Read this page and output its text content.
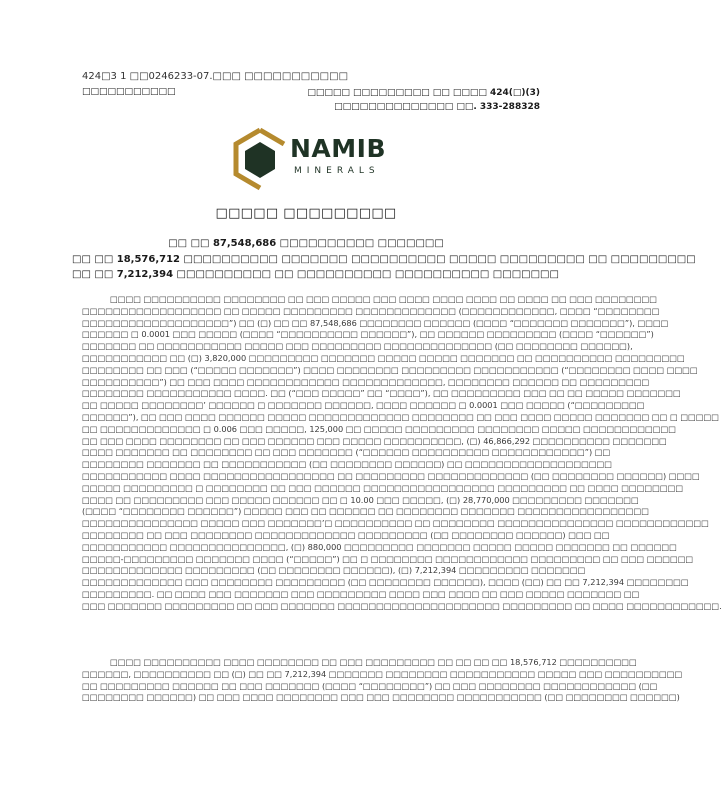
424□3 1 □□0246233-07.□□□ □□□□□□□□□□□
□□□□□□□□□□□	□□□□□ □□□□□□□□□ □□ □□□□ 424(□)(3)
□□□□□□□□□□□□□□ □□. 333-288328
NAMIB
MINERALS
□□□□□ □□□□□□□□□
□□ □□ 87,548,686 □□□□□□□□□□ □□□□□□□
□□ □□ 18,576,712 □□□□□□□□□□ □□□□□□□ □□□□□□□□□□ □□□□□ □□□□□□□□□ □□ □□□□□□□□□
□□ □□ 7,212,394 □□□□□□□□□□ □□ □□□□□□□□□□ □□□□□□□□□□ □□□□□□□
□□□□ □□□□□□□□□□ □□□□□□□□ □□ □□□ □□□□□ □□□ □□□□ □□□□ □□□□ □□ □□□□ □□ □□□ □□□□□□□□
□□□□□□□□□□□□□□□□□□ □□ □□□□□ □□□□□□□□□ □□□□□□□□□□□□□ (□□□□□□□□□□□□, □□□□ “□□□□□□□□
□□□□□□□□□□□□□□□□□□□”) □□ (□) □□ □□ 87,548,686 □□□□□□□□ □□□□□□ (□□□□ “□□□□□□□ □□□□□□□”), □□□□
□□□□□□ □ 0.0001 □□□ □□□□□ (□□□□ “□□□□□□□□□□ □□□□□□”), □□ □□□□□□ □□□□□□□□□ (□□□□ “□□□□□□”)
□□□□□□□ □□ □□□□□□□□□□□ □□□□□ □□□ □□□□□□□□□ □□□□□□□□□□□□□□ (□□ □□□□□□□□ □□□□□□),
□□□□□□□□□□□ □□ (□) 3,820,000 □□□□□□□□□ □□□□□□□ □□□□□ □□□□□ □□□□□□□ □□ □□□□□□□□□□ □□□□□□□□□
□□□□□□□□ □□ □□□ (“□□□□□ □□□□□□□”) □□□□ □□□□□□□□ □□□□□□□□□ □□□□□□□□□□□ (“□□□□□□□□ □□□□ □□□□
□□□□□□□□□□”) □□ □□□ □□□□ □□□□□□□□□□□□ □□□□□□□□□□□□□, □□□□□□□□ □□□□□□ □□ □□□□□□□□□
□□□□□□□□ □□□□□□□□□□□ □□□□. □□ (“□□□ □□□□□” □□ “□□□□”), □□ □□□□□□□□□ □□□ □□ □□ □□□□□ □□□□□□□
□□ □□□□□ □□□□□□□□’ □□□□□□ □ □□□□□□□ □□□□□□, □□□□ □□□□□□ □ 0.0001 □□□ □□□□□ (“□□□□□□□□□
□□□□□□”), □□ □□□ □□□□ □□□□□□ □□□□□ □□□□□□□□□□□□□ □□□□□□□□ □□ □□□ □□□□ □□□□□ □□□□□□□ □□ □ □□□□□
□□ □□□□□□□□□□□□□ □ 0.006 □□□ □□□□□, 125,000 □□ □□□□□ □□□□□□□□□ □□□□□□□□ □□□□□ □□□□□□□□□□□□
□□ □□□ □□□□ □□□□□□□□ □□ □□□ □□□□□□ □□□ □□□□□ □□□□□□□□□□, (□) 46,866,292 □□□□□□□□□□ □□□□□□□
□□□□ □□□□□□□ □□ □□□□□□□□ □□ □□□ □□□□□□□ (“□□□□□□ □□□□□□□□□□ □□□□□□□□□□□□”) □□
□□□□□□□□ □□□□□□□ □□ □□□□□□□□□□□ (□□ □□□□□□□□ □□□□□□) □□ □□□□□□□□□□□□□□□□□□□
□□□□□□□□□□□ □□□□ □□□□□□□□□□□□□□□□□ □□ □□□□□□□□□ □□□□□□□□□□□□□ (□□ □□□□□□□□ □□□□□□) □□□□
□□□□□ □□□□□□□□□ □ □□□□□□□□ □□ □□□ □□□□□□ □□□□□□□□□□□□□□□□□ □□□□□□□□□ □□ □□□□ □□□□□□□□
□□□□ □□ □□□□□□□□□ □□□ □□□□□ □□□□□□ □□ □ 10.00 □□□ □□□□□, (□) 28,770,000 □□□□□□□□□ □□□□□□□
(□□□□ “□□□□□□□□ □□□□□□”) □□□□□ □□□ □□ □□□□□□ □□ □□□□□□□□ □□□□□□□ □□□□□□□□□□□□□□□□□
□□□□□□□□□□□□□□□ □□□□□ □□□ □□□□□□□’□ □□□□□□□□□□ □□ □□□□□□□□ □□□□□□□□□□□□□□□ □□□□□□□□□□□□
□□□□□□□□ □□ □□□ □□□□□□□□ □□□□□□□□□□□□□ □□□□□□□□□ (□□ □□□□□□□□ □□□□□□) □□□ □□
□□□□□□□□□□□ □□□□□□□□□□□□□□□, (□) 880,000 □□□□□□□□□ □□□□□□□ □□□□□ □□□□□ □□□□□□□ □□ □□□□□□
□□□□□-□□□□□□□□□ □□□□□□□ □□□□ (“□□□□□”) □□ □ □□□□□□□□ □□□□□□□□□□□□ □□□□□□□□□ □□ □□□ □□□□□□
□□□□□□□□□□□□□ □□□□□□□□□ (□□ □□□□□□□□ □□□□□□), (□) 7,212,394 □□□□□□□□□ □□□□□□□
□□□□□□□□□□□□□ □□□ □□□□□□□□ □□□□□□□□□ (□□ □□□□□□□□ □□□□□□), □□□□ (□□) □□ □□ 7,212,394 □□□□□□□□
□□□□□□□□□. □□ □□□□ □□□ □□□□□□□ □□□ □□□□□□□□□ □□□□ □□□ □□□□ □□ □□□ □□□□□ □□□□□□□ □□
□□□ □□□□□□□ □□□□□□□□□ □□ □□□ □□□□□□□ □□□□□□□□□□□□□□□□□□□□□ □□□□□□□□□ □□ □□□□ □□□□□□□□□□□□.
□□□□ □□□□□□□□□□ □□□□ □□□□□□□□ □□ □□□ □□□□□□□□□ □□ □□ □□ □□ 18,576,712 □□□□□□□□□□
□□□□□□, □□□□□□□□□□ □□ (□) □□ □□ 7,212,394 □□□□□□□ □□□□□□□□ □□□□□□□□□□□ □□□□□ □□□ □□□□□□□□□□
□□ □□□□□□□□□ □□□□□□ □□ □□□ □□□□□□□ (□□□□ “□□□□□□□□”) □□ □□□ □□□□□□□□ □□□□□□□□□□□□ (□□
□□□□□□□□ □□□□□□) □□ □□□ □□□□ □□□□□□□□ □□□ □□□ □□□□□□□□ □□□□□□□□□□□ (□□ □□□□□□□□ □□□□□□)
